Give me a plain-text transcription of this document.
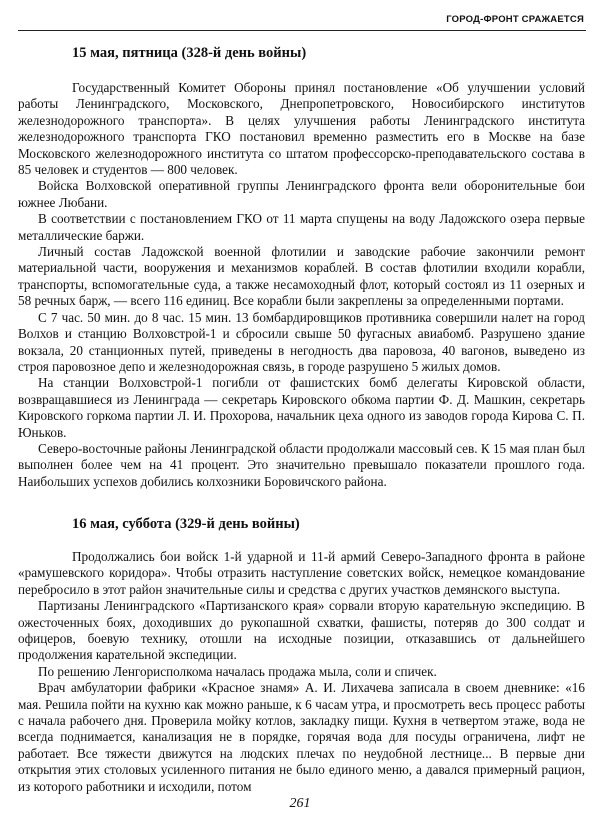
ГОРОД-ФРОНТ СРАЖАЕТСЯ
15 мая, пятница (328-й день войны)

Государственный Комитет Обороны принял постановление «Об улучшении условий работы Ленинградского, Московского, Днепропетровского, Новосибирского институтов железнодорожного транспорта». В целях улучшения работы Ленинградского института железнодорожного транспорта ГКО постановил временно разместить его в Москве на базе Московского железнодорожного института со штатом профессорско-преподавательского состава в 85 человек и студентов — 800 человек.

Войска Волховской оперативной группы Ленинградского фронта вели оборонительные бои южнее Любани.

В соответствии с постановлением ГКО от 11 марта спущены на воду Ладожского озера первые металлические баржи.

Личный состав Ладожской военной флотилии и заводские рабочие закончили ремонт материальной части, вооружения и механизмов кораблей. В состав флотилии входили корабли, транспорты, вспомогательные суда, а также несамоходный флот, который состоял из 11 озерных и 58 речных барж, — всего 116 единиц. Все корабли были закреплены за определенными портами.

С 7 час. 50 мин. до 8 час. 15 мин. 13 бомбардировщиков противника совершили налет на город Волхов и станцию Волховстрой-1 и сбросили свыше 50 фугасных авиабомб. Разрушено здание вокзала, 20 станционных путей, приведены в негодность два паровоза, 40 вагонов, выведено из строя паровозное депо и железнодорожная связь, в городе разрушено 5 жилых домов.

На станции Волховстрой-1 погибли от фашистских бомб делегаты Кировской области, возвращавшиеся из Ленинграда — секретарь Кировского обкома партии Ф. Д. Машкин, секретарь Кировского горкома партии Л. И. Прохорова, начальник цеха одного из заводов города Кирова С. П. Юньков.

Северо-восточные районы Ленинградской области продолжали массовый сев. К 15 мая план был выполнен более чем на 41 процент. Это значительно превышало показатели прошлого года. Наибольших успехов добились колхозники Боровичского района.

16 мая, суббота (329-й день войны)

Продолжались бои войск 1-й ударной и 11-й армий Северо-Западного фронта в районе «рамушевского коридора». Чтобы отразить наступление советских войск, немецкое командование перебросило в этот район значительные силы и средства с других участков демянского выступа.

Партизаны Ленинградского «Партизанского края» сорвали вторую карательную экспедицию. В ожесточенных боях, доходивших до рукопашной схватки, фашисты, потеряв до 300 солдат и офицеров, боевую технику, отошли на исходные позиции, отказавшись от дальнейшего продолжения карательной экспедиции.

По решению Ленгорисполкома началась продажа мыла, соли и спичек.

Врач амбулатории фабрики «Красное знамя» А. И. Лихачева записала в своем дневнике: «16 мая. Решила пойти на кухню как можно раньше, к 6 часам утра, и просмотреть весь процесс работы с начала рабочего дня. Проверила мойку котлов, закладку пищи. Кухня в четвертом этаже, вода не всегда поднимается, канализация не в порядке, горячая вода для посуды ограничена, лифт не работает. Все тяжести движутся на людских плечах по неудобной лестнице... В первые дни открытия этих столовых усиленного питания не было единого меню, а давался примерный рацион, из которого работники и исходили, потом

261
